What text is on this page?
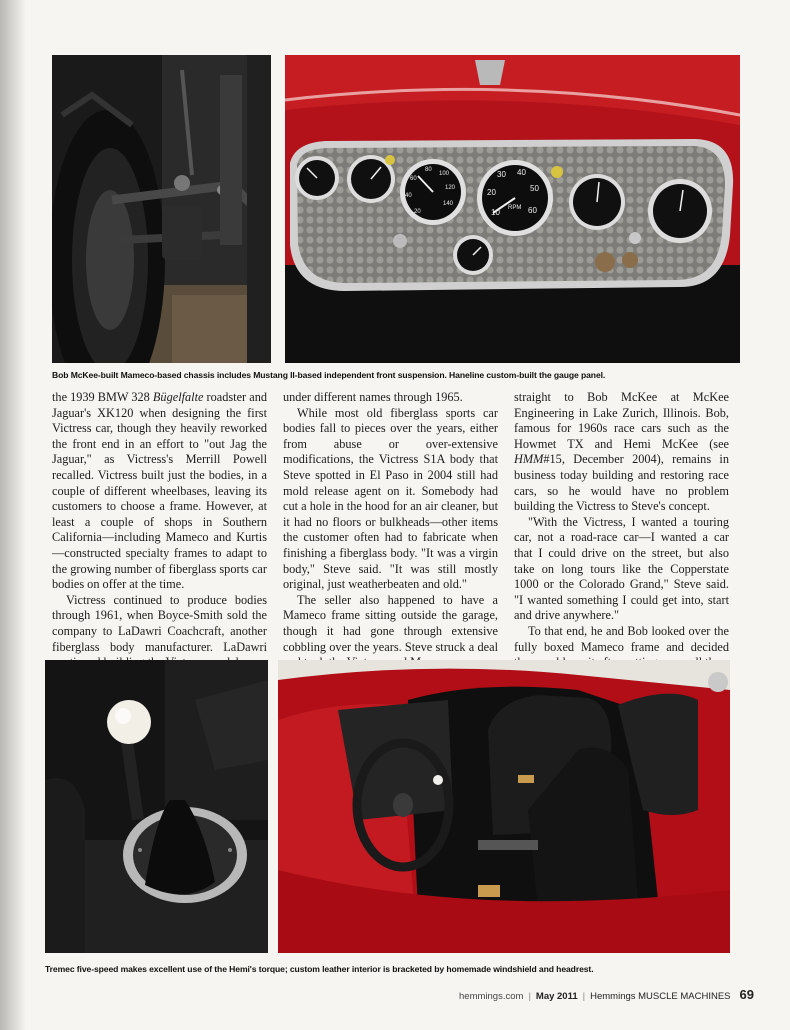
20
40
60
80
100
120
140
10
20
30 40
50
60
RPM
Bob McKee-built Mameco-based chassis includes Mustang II-based independent front suspension. Haneline custom-built the gauge panel.

the 1939 BMW 328 Bügelfalte roadster and Jaguar's XK120 when designing the first Victress car, though they heavily reworked the front end in an effort to "out Jag the Jaguar," as Victress's Merrill Powell recalled. Victress built just the bodies, in a couple of different wheelbases, leaving its customers to choose a frame. However, at least a couple of shops in Southern California—including Mameco and Kurtis—constructed specialty frames to adapt to the growing number of fiberglass sports car bodies on offer at the time.

Victress continued to produce bodies through 1961, when Boyce-Smith sold the company to LaDawri Coachcraft, another fiberglass body manufacturer. LaDawri

under different names through 1965.

While most old fiberglass sports car bodies fall to pieces over the years, either from abuse or over-extensive modifications, the Victress S1A body that Steve spotted in El Paso in 2004 still had mold release agent on it. Somebody had cut a hole in the hood for an air cleaner, but it had no floors or bulkheads—other items the customer often had to fabricate when finishing a fiberglass body. "It was a virgin body," Steve said. "It was still mostly original, just weatherbeaten and old."

The seller also happened to have a Mameco frame sitting outside the garage, though it had gone through extensive cobbling over the years. Steve struck a deal

straight to Bob McKee at McKee Engineering in Lake Zurich, Illinois. Bob, famous for 1960s race cars such as the Howmet TX and Hemi McKee (see HMM#15, December 2004), remains in business today building and restoring race cars, so he would have no problem building the Victress to Steve's concept.

"With the Victress, I wanted a touring car, not a road-race car—I wanted a car that I could drive on the street, but also take on long tours like the Copperstate 1000 or the Colorado Grand," Steve said. "I wanted something I could get into, start and drive anywhere."

To that end, he and Bob looked over the fully boxed Mameco frame and decided

Tremec five-speed makes excellent use of the Hemi's torque; custom leather interior is bracketed by homemade windshield and headrest.
hemmings.com | May 2011 | Hemmings MUSCLE MACHINES 69
